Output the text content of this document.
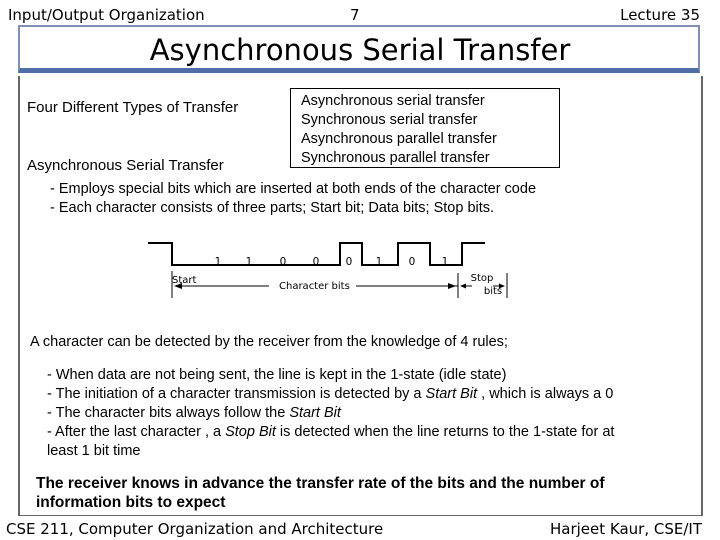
Input/Output Organization	7	Lecture 35
Asynchronous Serial Transfer
Four Different Types of Transfer	Asynchronous serial transfer
Synchronous serial transfer
Asynchronous parallel transfer
Synchronous parallel transfer
Asynchronous Serial Transfer
- Employs special bits which are inserted at both ends of the character code
- Each character consists of three parts; Start bit; Data bits; Stop bits.
1 1	0	0	0 1	0	1
Start
Character bits
Stop
bits
A character can be detected by the receiver from the knowledge of 4 rules;
- When data are not being sent, the line is kept in the 1-state (idle state)
- The initiation of a character transmission is detected by a Start Bit , which is always a 0
- The character bits always follow the Start Bit
- After the last character , a Stop Bit is detected when the line returns to the 1-state for at
least 1 bit time
The receiver knows in advance the transfer rate of the bits and the number of information bits to expect
CSE 211, Computer Organization and Architecture	Harjeet Kaur, CSE/IT
